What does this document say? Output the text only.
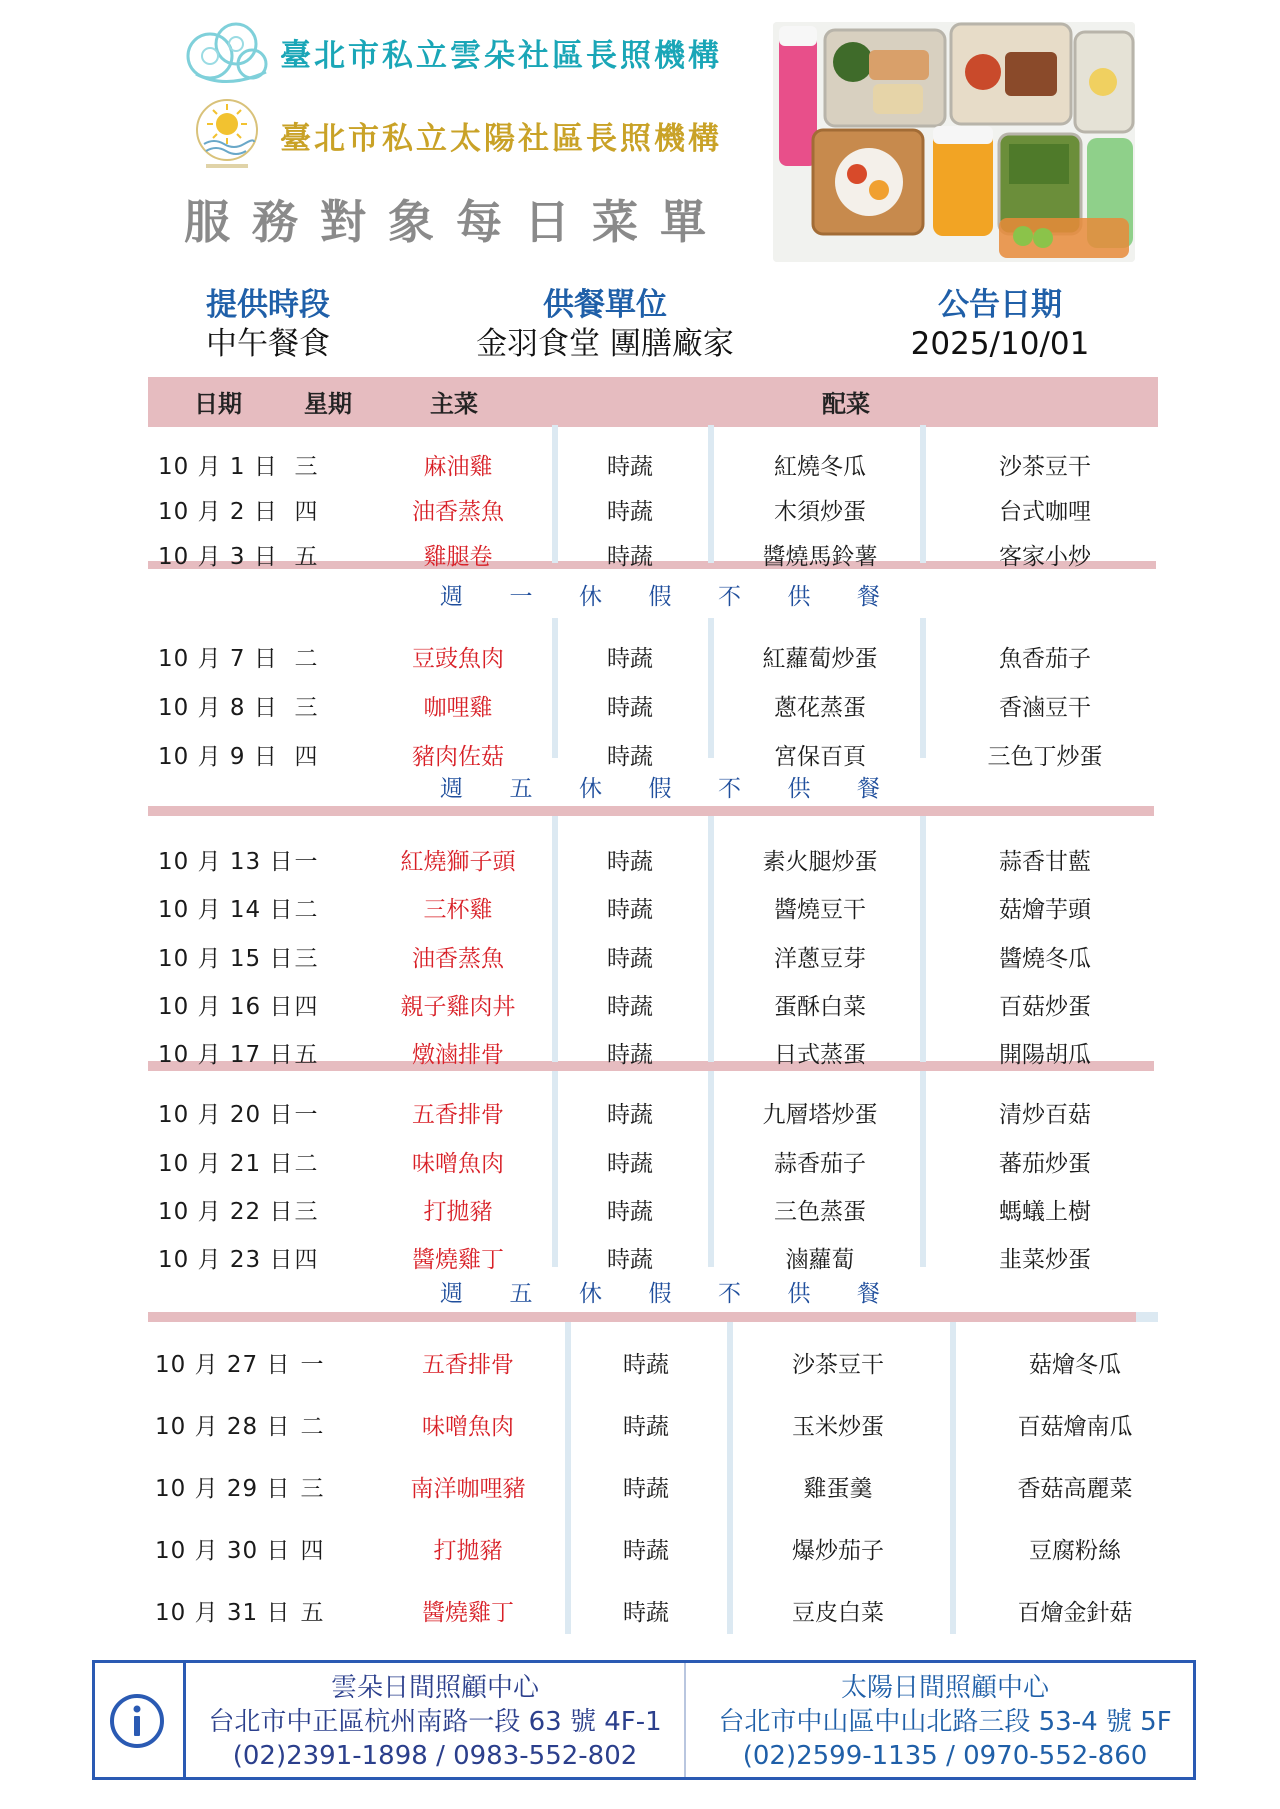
臺北市私立雲朵社區長照機構
臺北市私立太陽社區長照機構
服務對象每日菜單
提供時段
中午餐食
供餐單位
金羽食堂 團膳廠家
公告日期
2025/10/01
日期	星期	主菜	配菜
週 一 休 假 不 供 餐
週 五 休 假 不 供 餐
週 五 休 假 不 供 餐
10 月 1 日 三	麻油雞	時蔬	紅燒冬瓜	沙茶豆干
10 月 2 日 四	油香蒸魚	時蔬	木須炒蛋	台式咖哩
10 月 3 日 五	雞腿卷	時蔬	醬燒馬鈴薯	客家小炒
10 月 7 日 二	豆豉魚肉	時蔬	紅蘿蔔炒蛋	魚香茄子
10 月 8 日 三	咖哩雞	時蔬	蔥花蒸蛋	香滷豆干
10 月 9 日 四	豬肉佐菇	時蔬	宮保百頁	三色丁炒蛋
10 月 13 日 一	紅燒獅子頭	時蔬	素火腿炒蛋	蒜香甘藍
10 月 14 日 二	三杯雞	時蔬	醬燒豆干	菇燴芋頭
10 月 15 日 三	油香蒸魚	時蔬	洋蔥豆芽	醬燒冬瓜
10 月 16 日 四	親子雞肉丼	時蔬	蛋酥白菜	百菇炒蛋
10 月 17 日 五	燉滷排骨	時蔬	日式蒸蛋	開陽胡瓜
10 月 20 日 一	五香排骨	時蔬	九層塔炒蛋	清炒百菇
10 月 21 日 二	味噌魚肉	時蔬	蒜香茄子	蕃茄炒蛋
10 月 22 日 三	打拋豬	時蔬	三色蒸蛋	螞蟻上樹
10 月 23 日 四	醬燒雞丁	時蔬	滷蘿蔔	韭菜炒蛋
10 月 27 日 一	五香排骨	時蔬	沙茶豆干	菇燴冬瓜
10 月 28 日 二	味噌魚肉	時蔬	玉米炒蛋	百菇燴南瓜
10 月 29 日 三	南洋咖哩豬	時蔬	雞蛋羹	香菇高麗菜
10 月 30 日 四	打拋豬	時蔬	爆炒茄子	豆腐粉絲
10 月 31 日 五	醬燒雞丁	時蔬	豆皮白菜	百燴金針菇
雲朵日間照顧中心
台北市中正區杭州南路一段 63 號 4F-1
(02)2391-1898 / 0983-552-802
太陽日間照顧中心
台北市中山區中山北路三段 53-4 號 5F
(02)2599-1135 / 0970-552-860
